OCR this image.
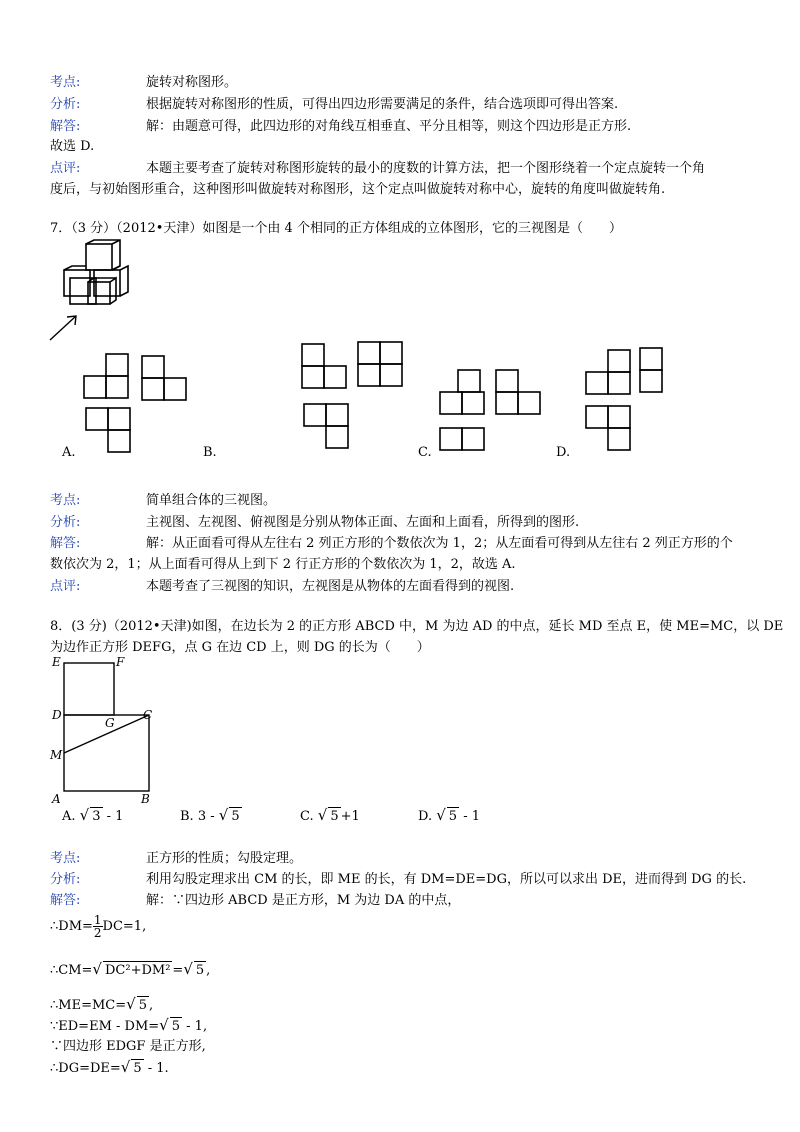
考点:	旋转对称图形。
分析:	根据旋转对称图形的性质，可得出四边形需要满足的条件，结合选项即可得出答案.
解答:	解：由题意可得，此四边形的对角线互相垂直、平分且相等，则这个四边形是正方形.
故选 D.
点评:	本题主要考查了旋转对称图形旋转的最小的度数的计算方法，把一个图形绕着一个定点旋转一个角
度后，与初始图形重合，这种图形叫做旋转对称图形，这个定点叫做旋转对称中心，旋转的角度叫做旋转角.
7．（3 分）（2012•天津）如图是一个由 4 个相同的正方体组成的立体图形，它的三视图是（　　）
A.	B.	C.	D.
考点:	简单组合体的三视图。
分析:	主视图、左视图、俯视图是分别从物体正面、左面和上面看，所得到的图形.
解答:	解：从正面看可得从左往右 2 列正方形的个数依次为 1，2；从左面看可得到从左往右 2 列正方形的个
数依次为 2，1；从上面看可得从上到下 2 行正方形的个数依次为 1，2，故选 A.
点评:	本题考查了三视图的知识，左视图是从物体的左面看得到的视图.
8．(3 分)（2012•天津)如图，在边长为 2 的正方形 ABCD 中，M 为边 AD 的中点，延长 MD 至点 E，使 ME=MC，以 DE
为边作正方形 DEFG，点 G 在边 CD 上，则 DG 的长为（　　）
E	F
D
G
C
M
A	B
A. √ 3 - 1	B. 3 - √ 5	C. √ 5 +1	D. √ 5 - 1
考点:	正方形的性质；勾股定理。
分析:	利用勾股定理求出 CM 的长，即 ME 的长，有 DM=DE=DG，所以可以求出 DE，进而得到 DG 的长.
解答:	解：∵四边形 ABCD 是正方形，M 为边 DA 的中点，
∴DM= $\frac{1}{2} DC=1$,
∴CM=√ DC²+DM² =√ 5 ,
∴ME=MC=√ 5 ,
∵ED=EM - DM=√ 5 - 1,
∵四边形 EDGF 是正方形,
∴DG=DE=√ 5 - 1.
